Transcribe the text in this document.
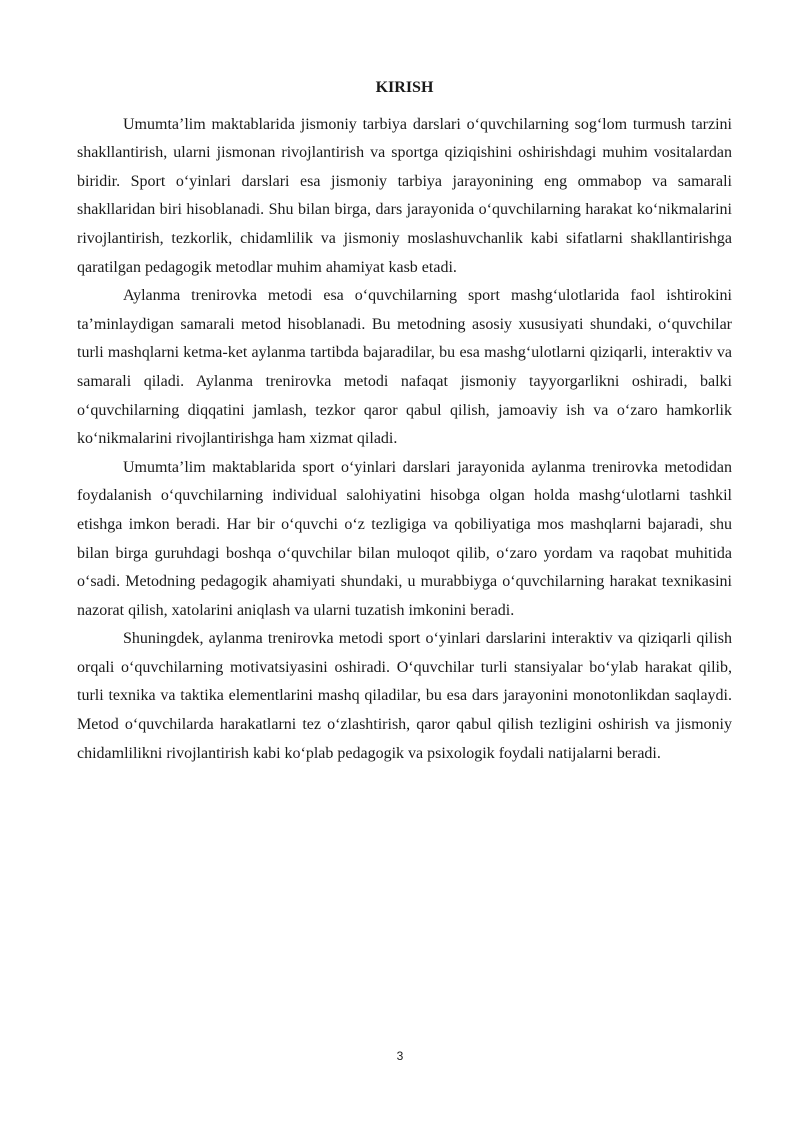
KIRISH

Umumta’lim maktablarida jismoniy tarbiya darslari o‘quvchilarning sog‘lom turmush tarzini shakllantirish, ularni jismonan rivojlantirish va sportga qiziqishini oshirishdagi muhim vositalardan biridir. Sport o‘yinlari darslari esa jismoniy tarbiya jarayonining eng ommabop va samarali shakllaridan biri hisoblanadi. Shu bilan birga, dars jarayonida o‘quvchilarning harakat ko‘nikmalarini rivojlantirish, tezkorlik, chidamlilik va jismoniy moslashuvchanlik kabi sifatlarni shakllantirishga qaratilgan pedagogik metodlar muhim ahamiyat kasb etadi.

Aylanma trenirovka metodi esa o‘quvchilarning sport mashg‘ulotlarida faol ishtirokini ta’minlaydigan samarali metod hisoblanadi. Bu metodning asosiy xususiyati shundaki, o‘quvchilar turli mashqlarni ketma-ket aylanma tartibda bajaradilar, bu esa mashg‘ulotlarni qiziqarli, interaktiv va samarali qiladi. Aylanma trenirovka metodi nafaqat jismoniy tayyorgarlikni oshiradi, balki o‘quvchilarning diqqatini jamlash, tezkor qaror qabul qilish, jamoaviy ish va o‘zaro hamkorlik ko‘nikmalarini rivojlantirishga ham xizmat qiladi.

Umumta’lim maktablarida sport o‘yinlari darslari jarayonida aylanma trenirovka metodidan foydalanish o‘quvchilarning individual salohiyatini hisobga olgan holda mashg‘ulotlarni tashkil etishga imkon beradi. Har bir o‘quvchi o‘z tezligiga va qobiliyatiga mos mashqlarni bajaradi, shu bilan birga guruhdagi boshqa o‘quvchilar bilan muloqot qilib, o‘zaro yordam va raqobat muhitida o‘sadi. Metodning pedagogik ahamiyati shundaki, u murabbiyga o‘quvchilarning harakat texnikasini nazorat qilish, xatolarini aniqlash va ularni tuzatish imkonini beradi.

Shuningdek, aylanma trenirovka metodi sport o‘yinlari darslarini interaktiv va qiziqarli qilish orqali o‘quvchilarning motivatsiyasini oshiradi. O‘quvchilar turli stansiyalar bo‘ylab harakat qilib, turli texnika va taktika elementlarini mashq qiladilar, bu esa dars jarayonini monotonlikdan saqlaydi. Metod o‘quvchilarda harakatlarni tez o‘zlashtirish, qaror qabul qilish tezligini oshirish va jismoniy chidamlilikni rivojlantirish kabi ko‘plab pedagogik va psixologik foydali natijalarni beradi.

3
